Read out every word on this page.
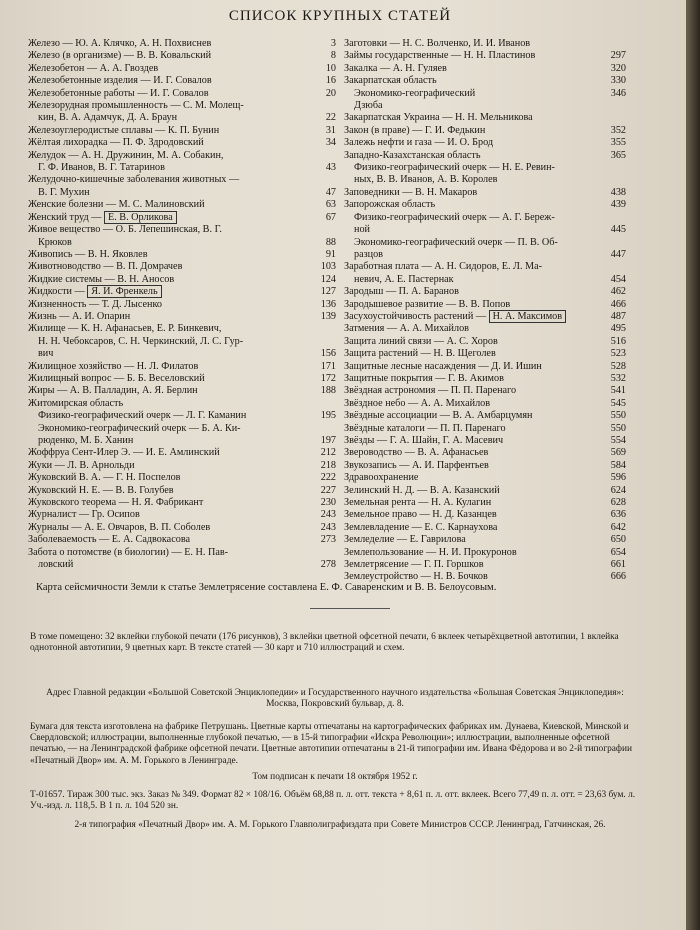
СПИСОК КРУПНЫХ СТАТЕЙ
3
Железо — Ю. А. Клячко, А. Н. Похвиснев
8
Железо (в организме) — В. В. Ковальский
10
Железобетон — А. А. Гвоздев
16
Железобетонные изделия — И. Г. Совалов
20
Железобетонные работы — И. Г. Совалов
Железорудная промышленность — С. М. Молещ-
22
кин, В. А. Адамчук, Д. А. Браун
31
Железоуглеродистые сплавы — К. П. Бунин
34
Жёлтая лихорадка — П. Ф. Здродовский
Желудок — А. Н. Дружинин, М. А. Собакин,
43
Г. Ф. Иванов, В. Г. Татаринов
Желудочно-кишечные заболевания животных —
47
В. Г. Мухин
63
Женские болезни — М. С. Малиновский
67
Женский труд — Е. В. Орликова
Живое вещество — О. Б. Лепешинская, В. Г.
88
Крюков
91
Живопись — В. Н. Яковлев
103
Животноводство — В. П. Домрачев
124
Жидкие системы — В. Н. Аносов
127
Жидкости — Я. И. Френкель
136
Жизненность — Т. Д. Лысенко
139
Жизнь — А. И. Опарин
Жилище — К. Н. Афанасьев, Е. Р. Бинкевич,
Н. Н. Чебоксаров, С. Н. Черкинский, Л. С. Гур-
156
вич
171
Жилищное хозяйство — Н. Л. Филатов
172
Жилищный вопрос — Б. Б. Веселовский
188
Жиры — А. В. Палладин, А. Я. Берлин
Житомирская область
195
Физико-географический очерк — Л. Г. Каманин
Экономико-географический очерк — Б. А. Ки-
197
рюденко, М. Б. Ханин
212
Жоффруа Сент-Илер Э. — И. Е. Амлинский
218
Жуки — Л. В. Арнольди
222
Жуковский В. А. — Г. Н. Поспелов
227
Жуковский Н. Е. — В. В. Голубев
230
Жуковского теорема — Н. Я. Фабрикант
243
Журналист — Гр. Осипов
243
Журналы — А. Е. Овчаров, В. П. Соболев
273
Заболеваемость — Е. А. Садвокасова
Забота о потомстве (в биологии) — Е. Н. Пав-
278
ловский
Заготовки — Н. С. Волченко, И. И. Иванов
297
Займы государственные — Н. Н. Пластинов
320
Закалка — А. Н. Гуляев
330
Закарпатская область
346
Экономико-географический
Дзюба
Закарпатская Украина — Н. Н. Мельникова
352
Закон (в праве) — Г. И. Федькин
355
Залежь нефти и газа — И. О. Брод
365
Западно-Казахстанская область
Физико-географический очерк — Н. Е. Ревин-
ных, В. В. Иванов, А. В. Королев
438
Заповедники — В. Н. Макаров
439
Запорожская область
Физико-географический очерк — А. Г. Береж-
445
ной
Экономико-географический очерк — П. В. Об-
447
разцов
Заработная плата — А. Н. Сидоров, Е. Л. Ма-
454
невич, А. Е. Пастернак
462
Зародыш — П. А. Баранов
466
Зародышевое развитие — В. В. Попов
487
Засухоустойчивость растений — Н. А. Максимов
495
Затмения — А. А. Михайлов
516
Защита линий связи — А. С. Хоров
523
Защита растений — Н. В. Щеголев
528
Защитные лесные насаждения — Д. И. Ишин
532
Защитные покрытия — Г. В. Акимов
541
Звёздная астрономия — П. П. Паренаго
545
Звёздное небо — А. А. Михайлов
550
Звёздные ассоциации — В. А. Амбарцумян
550
Звёздные каталоги — П. П. Паренаго
554
Звёзды — Г. А. Шайн, Г. А. Масевич
569
Звероводство — В. А. Афанасьев
584
Звукозапись — А. И. Парфентьев
596
Здравоохранение
624
Зелинский Н. Д. — В. А. Казанский
628
Земельная рента — Н. А. Кулагин
636
Земельное право — Н. Д. Казанцев
642
Землевладение — Е. С. Карнаухова
650
Земледелие — Е. Гаврилова
654
Землепользование — Н. И. Прокуронов
661
Землетрясение — Г. П. Горшков
666
Землеустройство — Н. В. Бочков
Карта сейсмичности Земли к статье Землетрясение составлена Е. Ф. Саваренским и В. В. Белоусовым.
В томе помещено: 32 вклейки глубокой печати (176 рисунков), 3 вклейки цветной офсетной печати, 6 вклеек четырёхцветной автотипии, 1 вклейка однотонной автотипии, 9 цветных карт. В тексте статей — 30 карт и 710 иллюстраций и схем.
Адрес Главной редакции «Большой Советской Энциклопедии» и Государственного научного издательства «Большая Советская Энциклопедия»: Москва, Покровский бульвар, д. 8.
Бумага для текста изготовлена на фабрике Петрушань. Цветные карты отпечатаны на картографических фабриках им. Дунаева, Киевской, Минской и Свердловской; иллюстрации, выполненные глубокой печатью, — в 15-й типографии «Искра Революции»; иллюстрации, выполненные офсетной печатью, — на Ленинградской фабрике офсетной печати. Цветные автотипии отпечатаны в 21-й типографии им. Ивана Фёдорова и во 2-й типографии «Печатный Двор» им. А. М. Горького в Ленинграде.
Том подписан к печати 18 октября 1952 г.
Т-01657. Тираж 300 тыс. экз. Заказ № 349. Формат 82 × 108/16. Объём 68,88 п. л. отт. текста + 8,61 п. л. отт. вклеек. Всего 77,49 п. л. отт. = 23,63 бум. л. Уч.-изд. л. 118,5. В 1 п. л. 104 520 зн.
2-я типография «Печатный Двор» им. А. М. Горького Главполиграфиздата при Совете Министров СССР. Ленинград, Гатчинская, 26.
